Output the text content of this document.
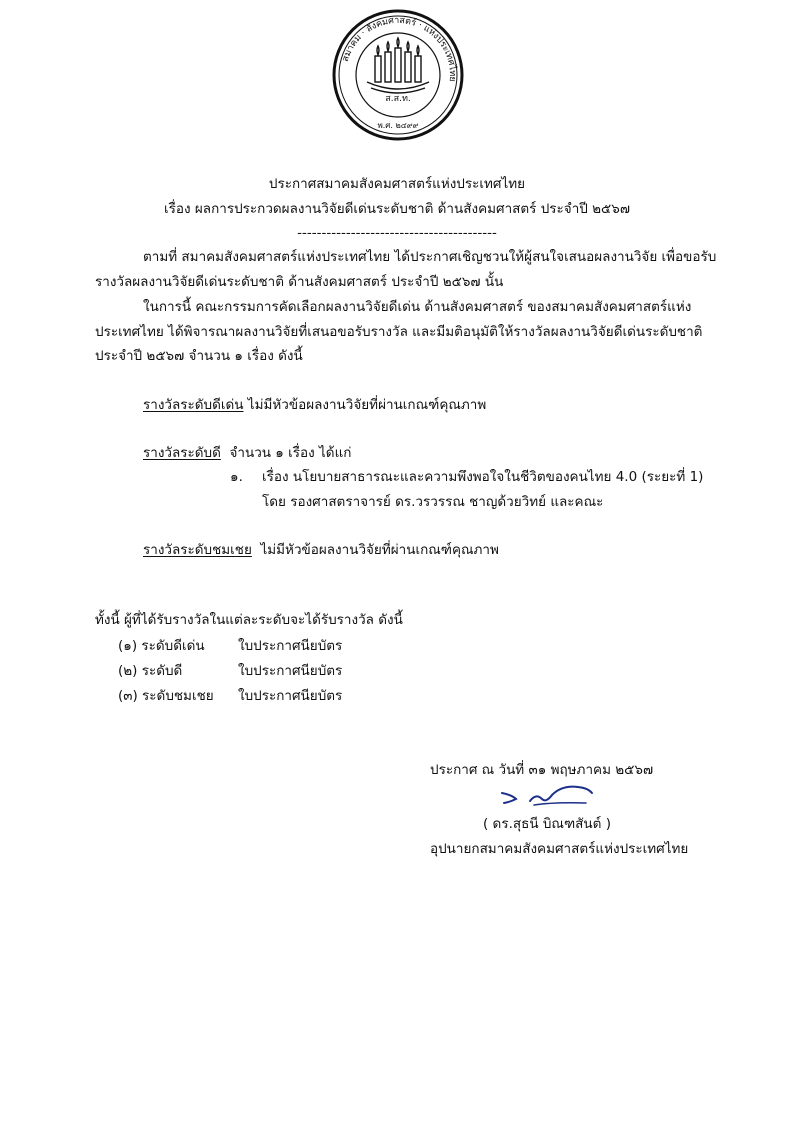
สมาคม · สังคมศาสตร์ · แห่งประเทศไทย
ส.ส.ท.
พ.ศ. ๒๔๙๙
ประกาศสมาคมสังคมศาสตร์แห่งประเทศไทย
เรื่อง ผลการประกวดผลงานวิจัยดีเด่นระดับชาติ ด้านสังคมศาสตร์ ประจำปี ๒๕๖๗
-----------------------------------------
ตามที่ สมาคมสังคมศาสตร์แห่งประเทศไทย ได้ประกาศเชิญชวนให้ผู้สนใจเสนอผลงานวิจัย เพื่อขอรับ
รางวัลผลงานวิจัยดีเด่นระดับชาติ ด้านสังคมศาสตร์ ประจำปี ๒๕๖๗ นั้น
ในการนี้ คณะกรรมการคัดเลือกผลงานวิจัยดีเด่น ด้านสังคมศาสตร์ ของสมาคมสังคมศาสตร์แห่ง
ประเทศไทย ได้พิจารณาผลงานวิจัยที่เสนอขอรับรางวัล และมีมติอนุมัติให้รางวัลผลงานวิจัยดีเด่นระดับชาติ
ประจำปี ๒๕๖๗ จำนวน ๑ เรื่อง ดังนี้
รางวัลระดับดีเด่น ไม่มีหัวข้อผลงานวิจัยที่ผ่านเกณฑ์คุณภาพ
รางวัลระดับดี  จำนวน ๑ เรื่อง ได้แก่
๑. เรื่อง นโยบายสาธารณะและความพึงพอใจในชีวิตของคนไทย 4.0 (ระยะที่ 1)
โดย รองศาสตราจารย์ ดร.วรวรรณ ชาญด้วยวิทย์ และคณะ
รางวัลระดับชมเชย  ไม่มีหัวข้อผลงานวิจัยที่ผ่านเกณฑ์คุณภาพ
ทั้งนี้ ผู้ที่ได้รับรางวัลในแต่ละระดับจะได้รับรางวัล ดังนี้
(๑) ระดับดีเด่น ใบประกาศนียบัตร
(๒) ระดับดี	ใบประกาศนียบัตร
(๓) ระดับชมเชย ใบประกาศนียบัตร
ประกาศ ณ วันที่ ๓๑ พฤษภาคม ๒๕๖๗
( ดร.สุธนี บิณฑสันต์ )
อุปนายกสมาคมสังคมศาสตร์แห่งประเทศไทย
